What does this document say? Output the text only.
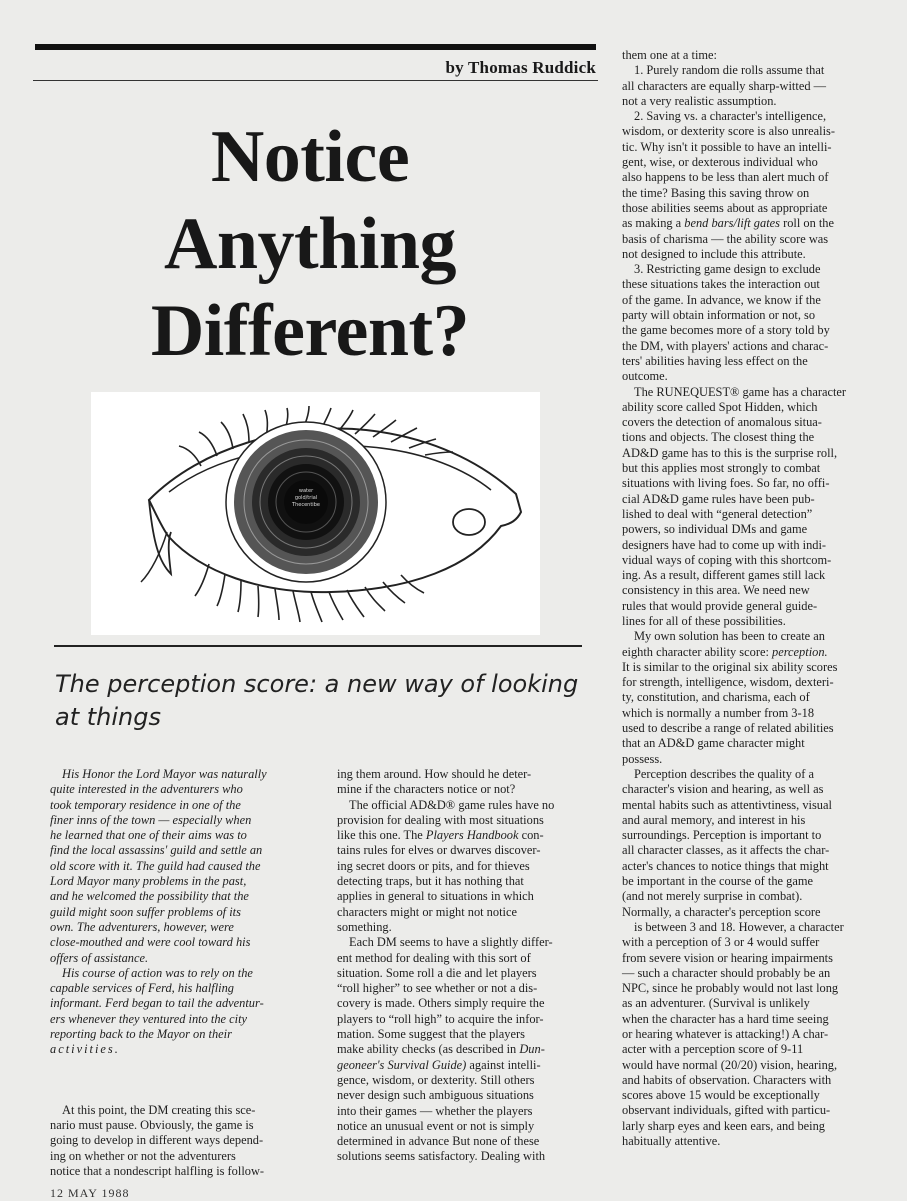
by Thomas Ruddick
Notice
Anything
Different?
water
gold/trial
Thecentibe
The perception score: a new way of looking at things

His Honor the Lord Mayor was naturally

quite interested in the adventurers who

took temporary residence in one of the

finer inns of the town — especially when

he learned that one of their aims was to

find the local assassins' guild and settle an

old score with it. The guild had caused the

Lord Mayor many problems in the past,

and he welcomed the possibility that the

guild might soon suffer problems of its

own. The adventurers, however, were

close-mouthed and were cool toward his

offers of assistance.

His course of action was to rely on the

capable services of Ferd, his halfling

informant. Ferd began to tail the adventur-

ers whenever they ventured into the city

reporting back to the Mayor on their

activities.

At this point, the DM creating this sce-

nario must pause. Obviously, the game is

going to develop in different ways depend-

ing on whether or not the adventurers

notice that a nondescript halfling is follow-

ing them around. How should he deter-

mine if the characters notice or not?

The official AD&D® game rules have no

provision for dealing with most situations

like this one. The Players Handbook con-

tains rules for elves or dwarves discover-

ing secret doors or pits, and for thieves

detecting traps, but it has nothing that

applies in general to situations in which

characters might or might not notice

something.

Each DM seems to have a slightly differ-

ent method for dealing with this sort of

situation. Some roll a die and let players

“roll higher” to see whether or not a dis-

covery is made. Others simply require the

players to “roll high” to acquire the infor-

mation. Some suggest that the players

make ability checks (as described in Dun-

geoneer's Survival Guide) against intelli-

gence, wisdom, or dexterity. Still others

never design such ambiguous situations

into their games — whether the players

notice an unusual event or not is simply

determined in advance But none of these

solutions seems satisfactory. Dealing with

them one at a time:

1. Purely random die rolls assume that

all characters are equally sharp-witted —

not a very realistic assumption.

2. Saving vs. a character's intelligence,

wisdom, or dexterity score is also unrealis-

tic. Why isn't it possible to have an intelli-

gent, wise, or dexterous individual who

also happens to be less than alert much of

the time? Basing this saving throw on

those abilities seems about as appropriate

as making a bend bars/lift gates roll on the

basis of charisma — the ability score was

not designed to include this attribute.

3. Restricting game design to exclude

these situations takes the interaction out

of the game. In advance, we know if the

party will obtain information or not, so

the game becomes more of a story told by

the DM, with players' actions and charac-

ters' abilities having less effect on the

outcome.

The RUNEQUEST® game has a character

ability score called Spot Hidden, which

covers the detection of anomalous situa-

tions and objects. The closest thing the

AD&D game has to this is the surprise roll,

but this applies most strongly to combat

situations with living foes. So far, no offi-

cial AD&D game rules have been pub-

lished to deal with “general detection”

powers, so individual DMs and game

designers have had to come up with indi-

vidual ways of coping with this shortcom-

ing. As a result, different games still lack

consistency in this area. We need new

rules that would provide general guide-

lines for all of these possibilities.

My own solution has been to create an

eighth character ability score: perception.

It is similar to the original six ability scores

for strength, intelligence, wisdom, dexteri-

ty, constitution, and charisma, each of

which is normally a number from 3-18

used to describe a range of related abilities

that an AD&D game character might

possess.

Perception describes the quality of a

character's vision and hearing, as well as

mental habits such as attentivtiness, visual

and aural memory, and interest in his

surroundings. Perception is important to

all character classes, as it affects the char-

acter's chances to notice things that might

be important in the course of the game

(and not merely surprise in combat).

Normally, a character's perception score

is between 3 and 18. However, a character

with a perception of 3 or 4 would suffer

from severe vision or hearing impairments

— such a character should probably be an

NPC, since he probably would not last long

as an adventurer. (Survival is unlikely

when the character has a hard time seeing

or hearing whatever is attacking!) A char-

acter with a perception score of 9-11

would have normal (20/20) vision, hearing,

and habits of observation. Characters with

scores above 15 would be exceptionally

observant individuals, gifted with particu-

larly sharp eyes and keen ears, and being

habitually attentive.

12 MAY 1988
